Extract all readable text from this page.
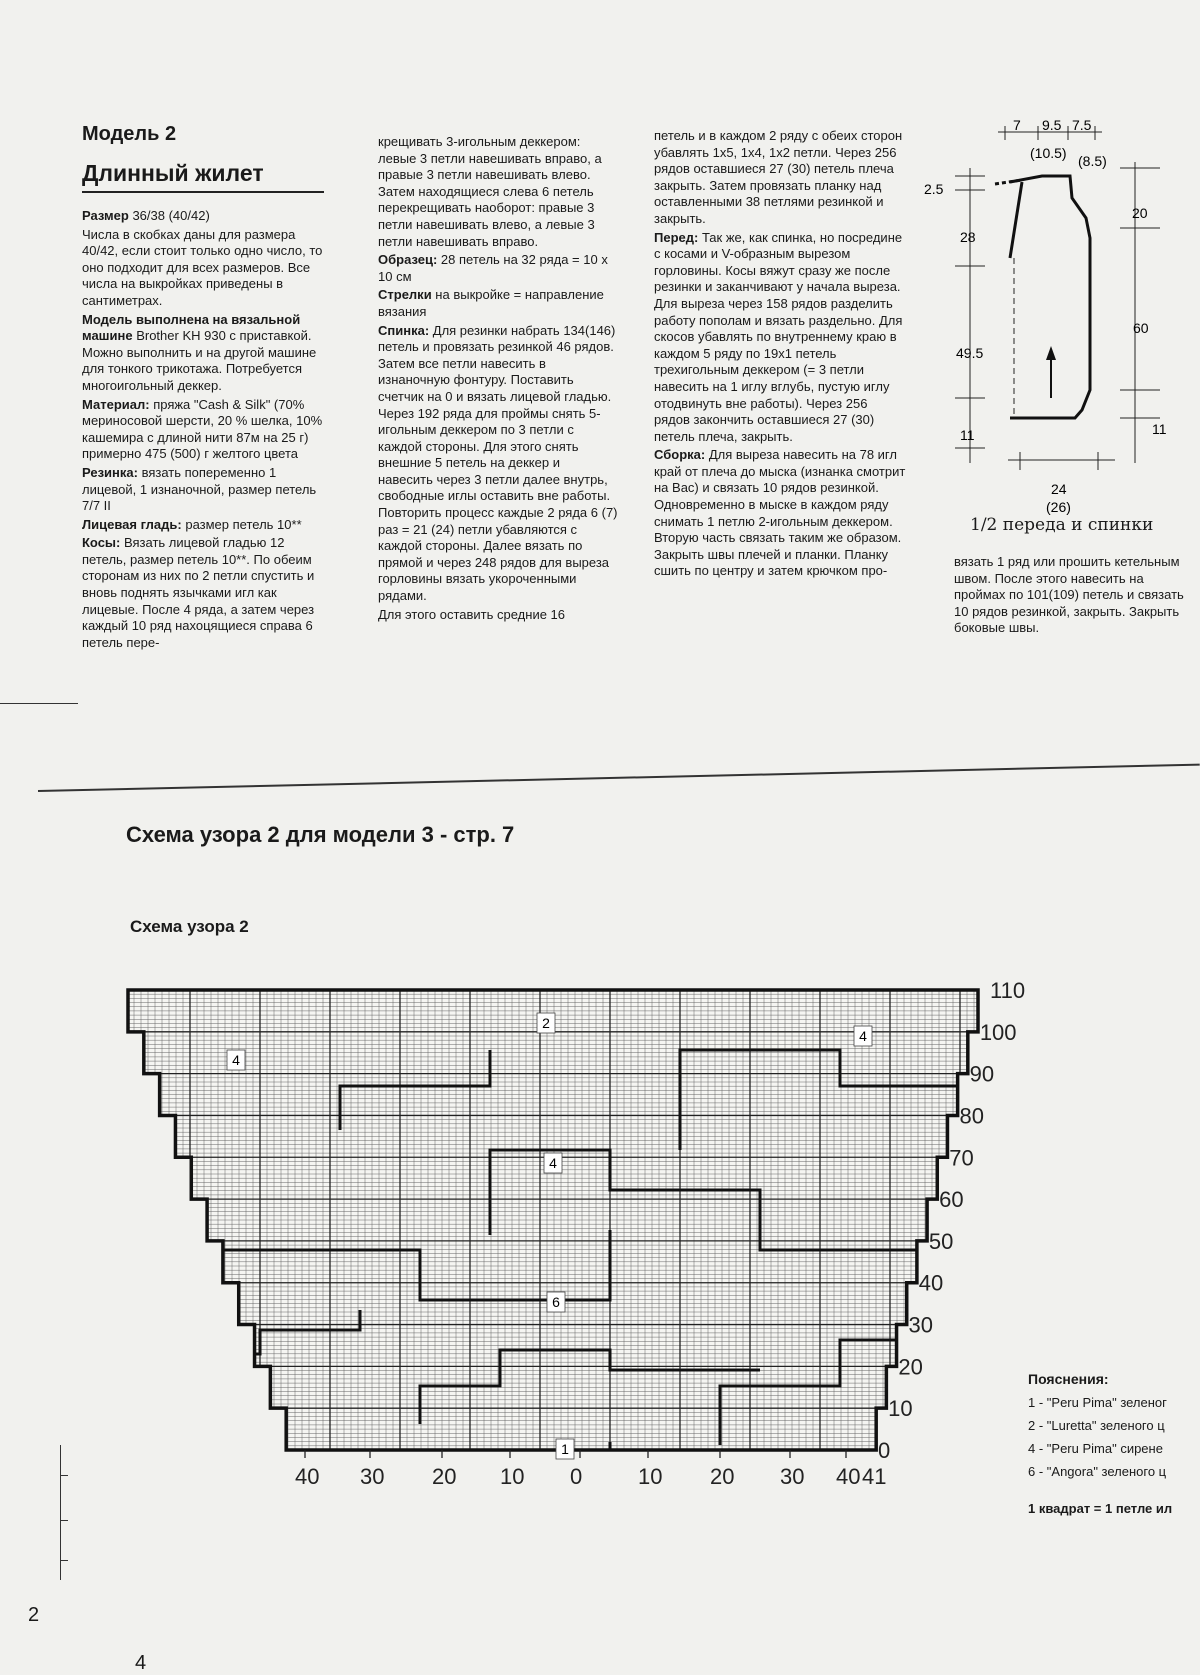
Модель 2
Длинный жилет

Размер 36/38 (40/42)

Числа в скобках даны для размера 40/42, если стоит только одно число, то оно подходит для всех размеров. Все числа на выкройках приведены в сантиметрах.

Модель выполнена на вязальной машине Brother KH 930 с приставкой. Можно выполнить и на другой машине для тонкого трикотажа. Потребуется многоигольный деккер.

Материал: пряжа "Cash & Silk" (70% мериносовой шерсти, 20 % шелка, 10% кашемира с длиной нити 87м на 25 г) примерно 475 (500) г желтого цвета

Резинка: вязать попеременно 1 лицевой, 1 изнаночной, размер петель 7/7 II

Лицевая гладь: размер петель 10**

Косы: Вязать лицевой гладью 12 петель, размер петель 10**. По обеим сторонам из них по 2 петли спустить и вновь поднять язычками игл как лицевые. После 4 ряда, а затем через каждый 10 ряд нахоцящиеся справа 6 петель пере-

крещивать 3-игольным деккером: левые 3 петли навешивать вправо, а правые 3 петли навешивать влево. Затем находящиеся слева 6 петель перекрещивать наоборот: правые 3 петли навешивать влево, а левые 3 петли навешивать вправо.

Образец: 28 петель на 32 ряда = 10 х 10 см

Стрелки на выкройке = направление вязания

Спинка: Для резинки набрать 134(146) петель и провязать резинкой 46 рядов. Затем все петли навесить в изнаночную фонтуру. Поставить счетчик на 0 и вязать лицевой гладью. Через 192 ряда для проймы снять 5-игольным деккером по 3 петли с каждой стороны. Для этого снять внешние 5 петель на деккер и навесить через 3 петли далее внутрь, свободные иглы оставить вне работы. Повторить процесс каждые 2 ряда 6 (7) раз = 21 (24) петли убавляются с каждой стороны. Далее вязать по прямой и через 248 рядов для выреза горловины вязать укороченными рядами.

Для этого оставить средние 16

петель и в каждом 2 ряду с обеих сторон убавлять 1х5, 1х4, 1х2 петли. Через 256 рядов оставшиеся 27 (30) петель плеча закрыть. Затем провязать планку над оставленными 38 петлями резинкой и закрыть.

Перед: Так же, как спинка, но посредине с косами и V-образным вырезом горловины. Косы вяжут сразу же после резинки и заканчивают у начала выреза. Для выреза через 158 рядов разделить работу пополам и вязать раздельно. Для скосов убавлять по внутреннему краю в каждом 5 ряду по 19х1 петель трехигольным деккером (= 3 петли навесить на 1 иглу вглубь, пустую иглу отодвинуть вне работы). Через 256 рядов закончить оставшиеся 27 (30) петель плеча, закрыть.

Сборка: Для выреза навесить на 78 игл край от плеча до мыска (изнанка смотрит на Вас) и связать 10 рядов резинкой. Одновременно в мыске в каждом ряду снимать 1 петлю 2-игольным деккером. Вторую часть связать таким же образом. Закрыть швы плечей и планки. Планку сшить по центру и затем крючком про-

вязать 1 ряд или прошить кетельным швом. После этого навесить на проймах по 101(109) петель и связать 10 рядов резинкой, закрыть. Закрыть боковые швы.
7 9.5 7.5
(10.5) (8.5)
2.5
28
49.5
11
20
60
11
24
(26)
1/2 переда и спинки
Схема узора 2 для модели 3 - стр. 7
Схема узора 2
2
4
4
4
6
1	0
10
20
30
40
50
60
70
80
90
100
110
40 30 20 10 0	10 20 30 40 41
Пояснения:
1 - "Peru Pima" зеленог
2 - "Luretta" зеленого ц
4 - "Peru Pima" сирене
6 - "Angora" зеленого ц
1 квадрат = 1 петле ил
2
4
